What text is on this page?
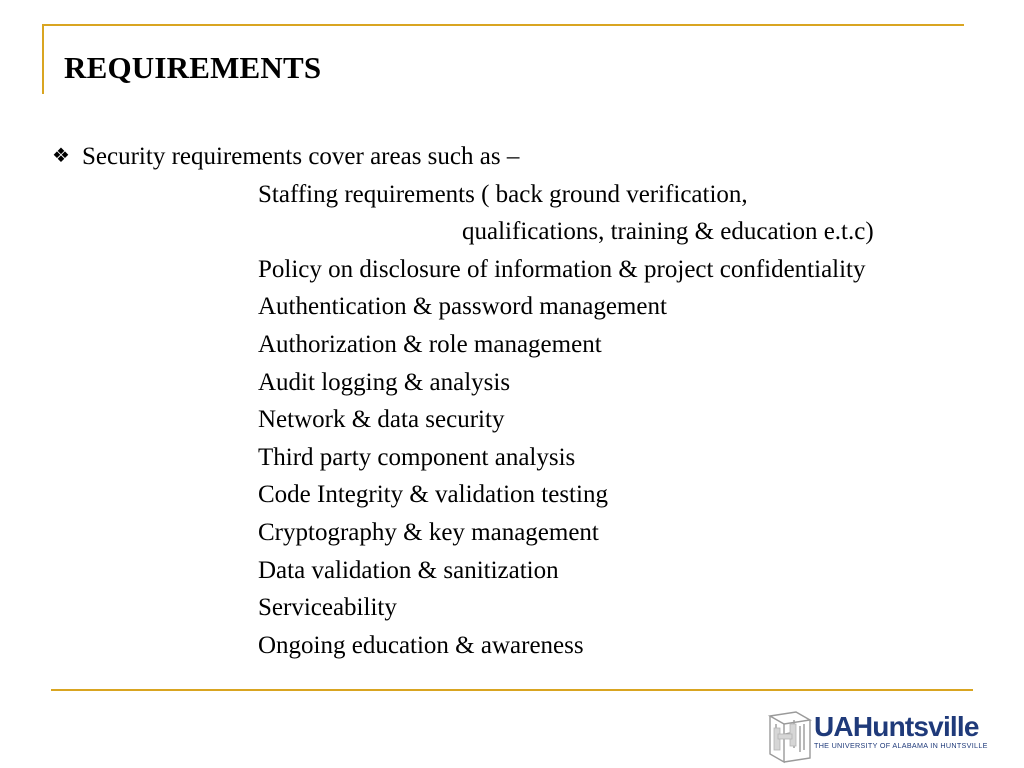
REQUIREMENTS
❖ Security requirements cover areas such as –
Staffing requirements ( back ground verification,
qualifications, training & education e.t.c)
Policy on disclosure of information & project confidentiality
Authentication & password management
Authorization & role management
Audit logging & analysis
Network & data security
Third party component analysis
Code Integrity & validation testing
Cryptography & key management
Data validation & sanitization
Serviceability
Ongoing education & awareness
UAHuntsville
THE UNIVERSITY OF ALABAMA IN HUNTSVILLE
